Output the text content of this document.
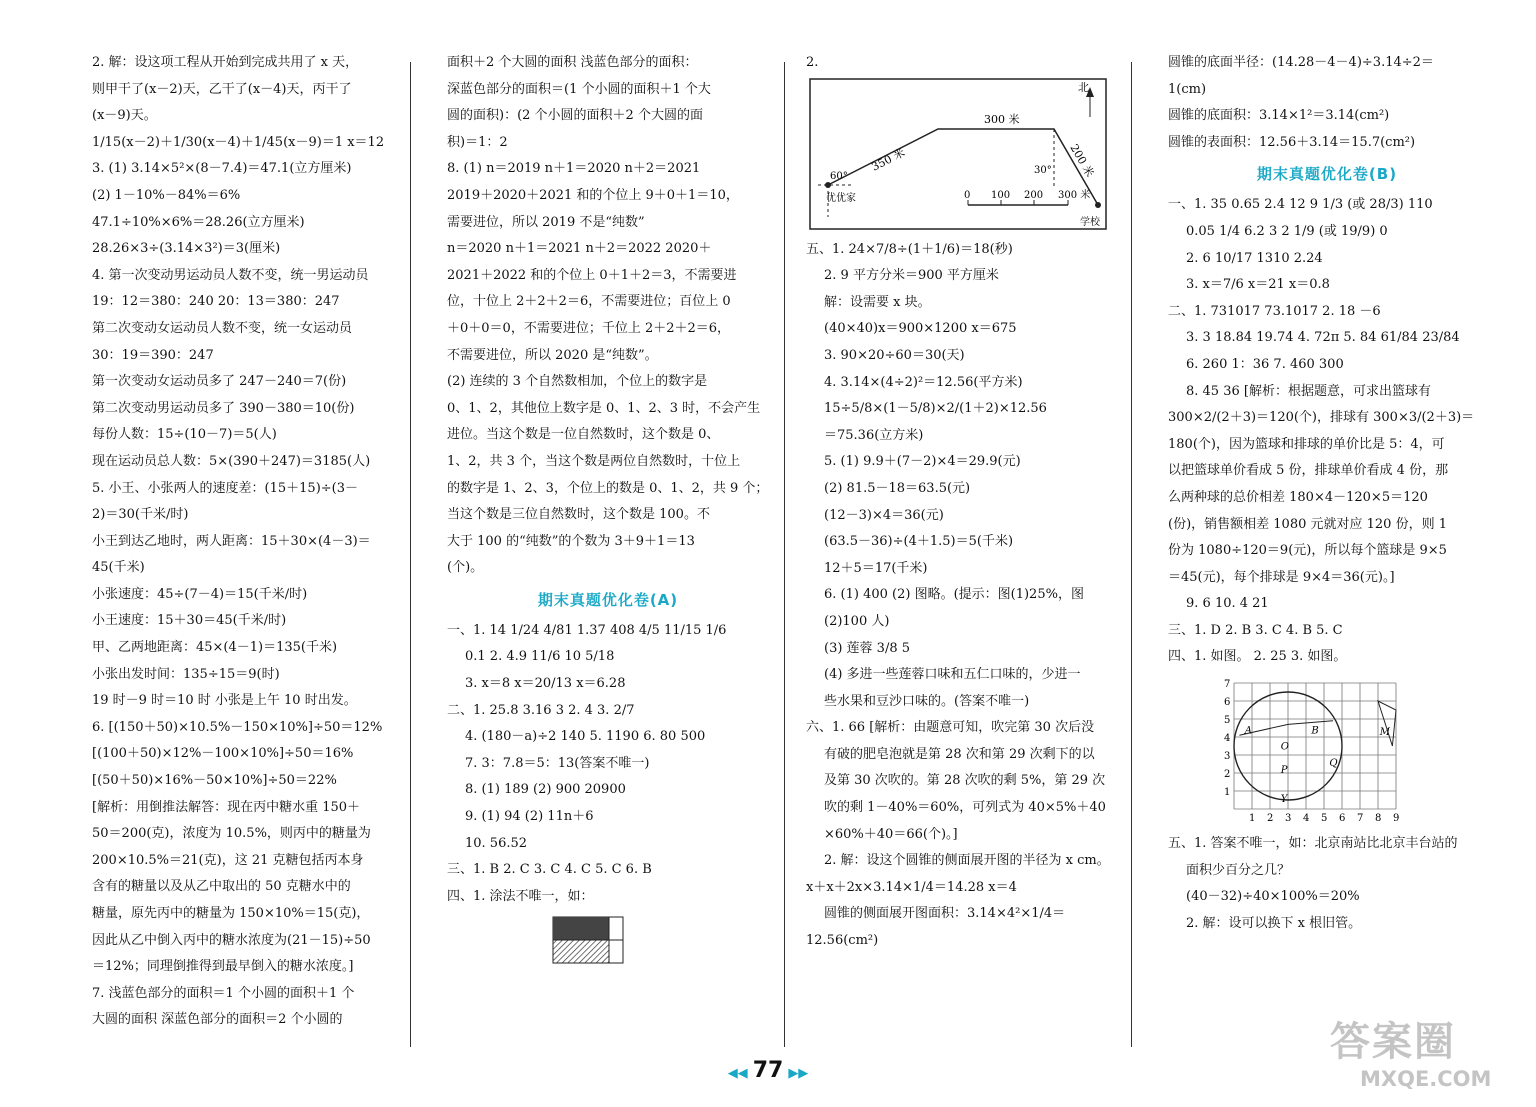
2. 解：设这项工程从开始到完成共用了 x 天，
则甲干了(x－2)天，乙干了(x－4)天，丙干了
(x－9)天。
1/15(x－2)＋1/30(x－4)＋1/45(x－9)＝1 x＝12
3. (1) 3.14×5²×(8－7.4)＝47.1(立方厘米)
(2) 1－10%－84%＝6%
47.1÷10%×6%＝28.26(立方厘米)
28.26×3÷(3.14×3²)＝3(厘米)
4. 第一次变动男运动员人数不变，统一男运动员
19：12＝380：240 20：13＝380：247
第二次变动女运动员人数不变，统一女运动员
30：19＝390：247
第一次变动女运动员多了 247－240＝7(份)
第二次变动男运动员多了 390－380＝10(份)
每份人数：15÷(10－7)＝5(人)
现在运动员总人数：5×(390＋247)＝3185(人)
5. 小王、小张两人的速度差：(15＋15)÷(3－
2)＝30(千米/时)
小王到达乙地时，两人距离：15＋30×(4－3)＝
45(千米)
小张速度：45÷(7－4)＝15(千米/时)
小王速度：15＋30＝45(千米/时)
甲、乙两地距离：45×(4－1)＝135(千米)
小张出发时间：135÷15＝9(时)
19 时－9 时＝10 时 小张是上午 10 时出发。
6. [(150＋50)×10.5%－150×10%]÷50＝12%
[(100＋50)×12%－100×10%]÷50＝16%
[(50＋50)×16%－50×10%]÷50＝22%
[解析：用倒推法解答：现在丙中糖水重 150＋
50＝200(克)，浓度为 10.5%，则丙中的糖量为
200×10.5%＝21(克)，这 21 克糖包括丙本身
含有的糖量以及从乙中取出的 50 克糖水中的
糖量，原先丙中的糖量为 150×10%＝15(克)，
因此从乙中倒入丙中的糖水浓度为(21－15)÷50
＝12%；同理倒推得到最早倒入的糖水浓度。]
7. 浅蓝色部分的面积＝1 个小圆的面积＋1 个
大圆的面积 深蓝色部分的面积＝2 个小圆的
面积＋2 个大圆的面积 浅蓝色部分的面积：
深蓝色部分的面积＝(1 个小圆的面积＋1 个大
圆的面积)：(2 个小圆的面积＋2 个大圆的面
积)＝1：2
8. (1) n＝2019 n＋1＝2020 n＋2＝2021
2019＋2020＋2021 和的个位上 9＋0＋1＝10，
需要进位，所以 2019 不是“纯数”
n＝2020 n＋1＝2021 n＋2＝2022 2020＋
2021＋2022 和的个位上 0＋1＋2＝3，不需要进
位，十位上 2＋2＋2＝6，不需要进位；百位上 0
＋0＋0＝0，不需要进位；千位上 2＋2＋2＝6，
不需要进位，所以 2020 是“纯数”。
(2) 连续的 3 个自然数相加，个位上的数字是
0、1、2，其他位上数字是 0、1、2、3 时，不会产生
进位。当这个数是一位自然数时，这个数是 0、
1、2，共 3 个，当这个数是两位自然数时，十位上
的数字是 1、2、3，个位上的数是 0、1、2，共 9 个；
当这个数是三位自然数时，这个数是 100。不
大于 100 的“纯数”的个数为 3＋9＋1＝13
(个)。
期末真题优化卷(A)
一、1. 14 1/24 4/81 1.37 408 4/5 11/15 1/6
0.1 2. 4.9 11/6 10 5/18
3. x＝8 x＝20/13 x＝6.28
二、1. 25.8 3.16 3 2. 4 3. 2/7
4. (180－a)÷2 140 5. 1190 6. 80 500
7. 3：7.8＝5：13(答案不唯一)
8. (1) 189 (2) 900 20900
9. (1) 94 (2) 11n＋6
10. 56.52
三、1. B 2. C 3. C 4. C 5. C 6. B
四、1. 涂法不唯一，如：
2.
北
优优家
学校
350 米
300 米
200 米
60°
30°
0 100 200 300 米
五、1. 24×7/8÷(1＋1/6)＝18(秒)
2. 9 平方分米＝900 平方厘米
解：设需要 x 块。
(40×40)x＝900×1200 x＝675
3. 90×20÷60＝30(天)
4. 3.14×(4÷2)²＝12.56(平方米)
15÷5/8×(1－5/8)×2/(1＋2)×12.56
＝75.36(立方米)
5. (1) 9.9＋(7－2)×4＝29.9(元)
(2) 81.5－18＝63.5(元)
(12－3)×4＝36(元)
(63.5－36)÷(4＋1.5)＝5(千米)
12＋5＝17(千米)
6. (1) 400 (2) 图略。(提示：图(1)25%，图
(2)100 人)
(3) 莲蓉 3/8 5
(4) 多进一些莲蓉口味和五仁口味的，少进一
些水果和豆沙口味的。(答案不唯一)
六、1. 66 [解析：由题意可知，吹完第 30 次后没
有破的肥皂泡就是第 28 次和第 29 次剩下的以
及第 30 次吹的。第 28 次吹的剩 5%，第 29 次
吹的剩 1－40%＝60%，可列式为 40×5%＋40
×60%＋40＝66(个)。]
2. 解：设这个圆锥的侧面展开图的半径为 x cm。
x＋x＋2x×3.14×1/4＝14.28 x＝4
圆锥的侧面展开图面积：3.14×4²×1/4＝
12.56(cm²)
圆锥的底面半径：(14.28－4－4)÷3.14÷2＝
1(cm)
圆锥的底面积：3.14×1²＝3.14(cm²)
圆锥的表面积：12.56＋3.14＝15.7(cm²)
期末真题优化卷(B)
一、1. 35 0.65 2.4 12 9 1/3 (或 28/3) 110
0.05 1/4 6.2 3 2 1/9 (或 19/9) 0
2. 6 10/17 1310 2.24
3. x＝7/6 x＝21 x＝0.8
二、1. 731017 73.1017 2. 18 －6
3. 3 18.84 19.74 4. 72π 5. 84 61/84 23/84
6. 260 1：36 7. 460 300
8. 45 36 [解析：根据题意，可求出篮球有
300×2/(2＋3)＝120(个)，排球有 300×3/(2＋3)＝
180(个)，因为篮球和排球的单价比是 5：4，可
以把篮球单价看成 5 份，排球单价看成 4 份，那
么两种球的总价相差 180×4－120×5＝120
(份)，销售额相差 1080 元就对应 120 份，则 1
份为 1080÷120＝9(元)，所以每个篮球是 9×5
＝45(元)，每个排球是 9×4＝36(元)。]
9. 6 10. 4 21
三、1. D 2. B 3. C 4. B 5. C
四、1. 如图。 2. 25 3. 如图。
1
2
3
4
5
6
7
1 2 3 4 5 6 7 8 9
A
O
B
P
Q
Y
M
五、1. 答案不唯一，如：北京南站比北京丰台站的
面积少百分之几？
(40－32)÷40×100%＝20%
2. 解：设可以换下 x 根旧管。
◀◀ 77 ▶▶
答案圈
MXQE.COM
